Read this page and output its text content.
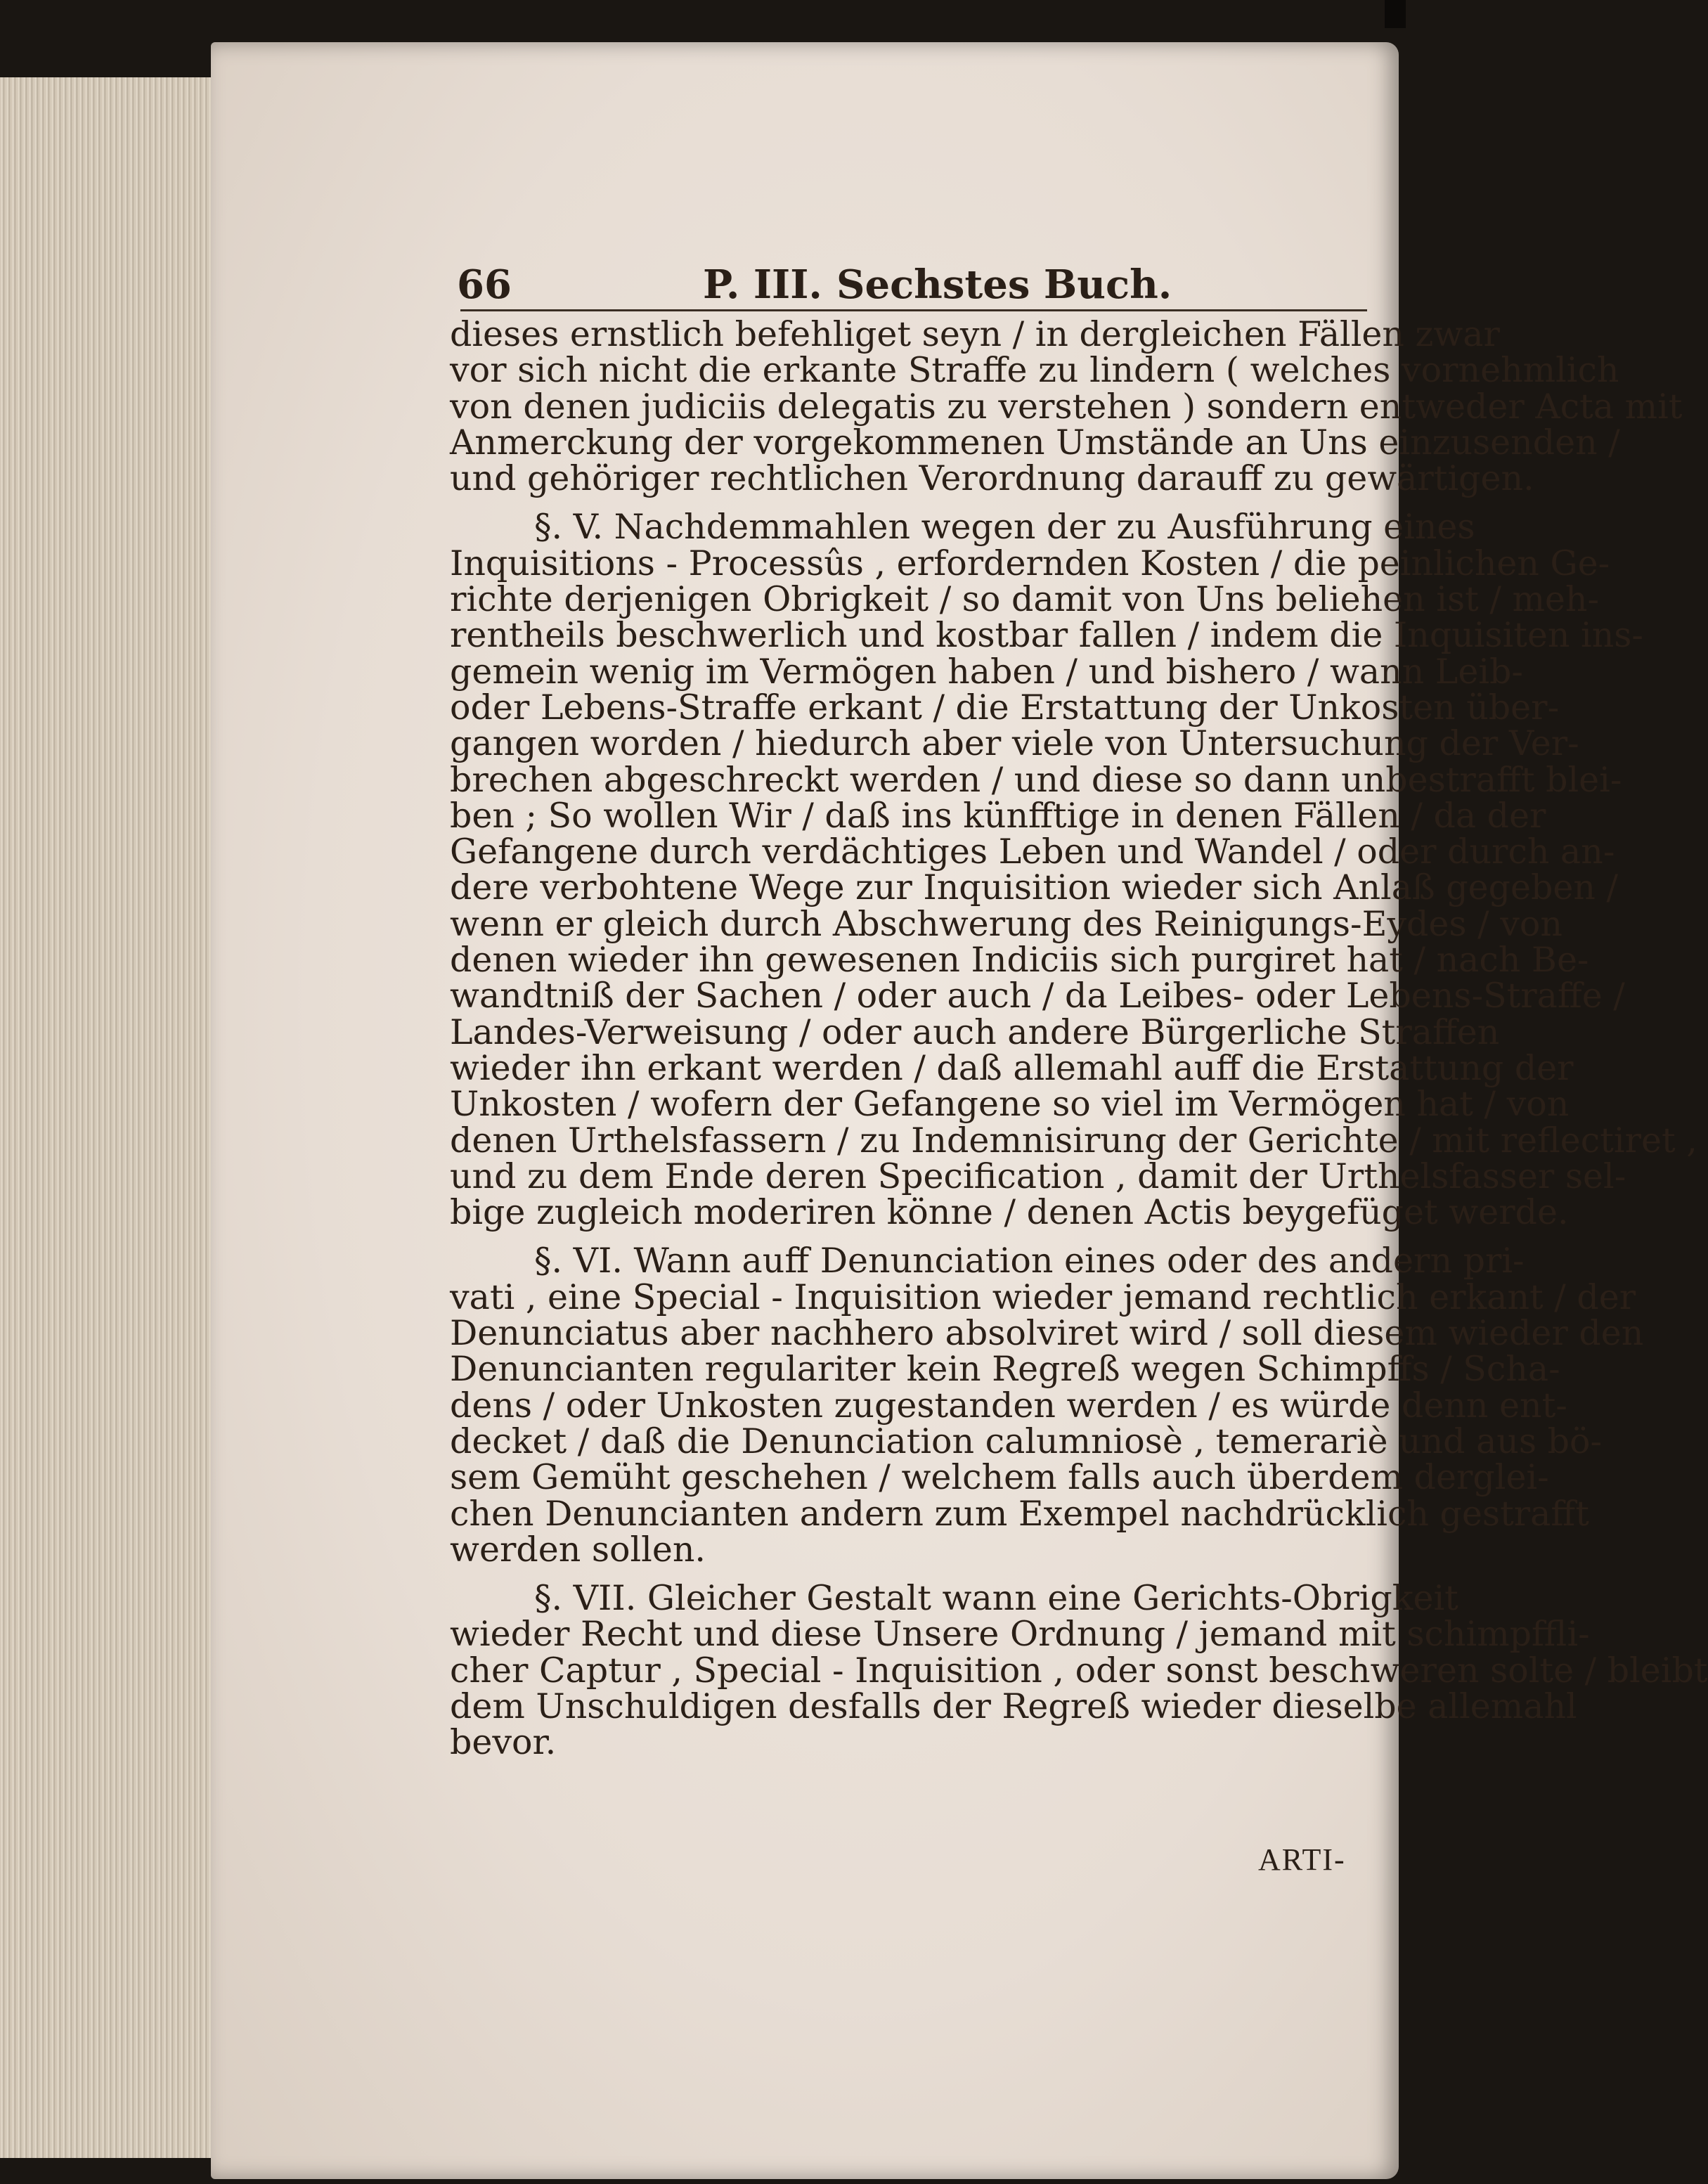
66	P. III. Sechstes Buch.
dieses ernstlich befehliget seyn / in dergleichen Fällen zwar
vor sich nicht die erkante Straffe zu lindern ( welches vornehmlich
von denen judiciis delegatis zu verstehen ) sondern entweder Acta mit
Anmerckung der vorgekommenen Umstände an Uns einzusenden /
und gehöriger rechtlichen Verordnung darauff zu gewärtigen.
§. V. Nachdemmahlen wegen der zu Ausführung eines
Inquisitions - Processûs , erfordernden Kosten / die peinlichen Ge-
richte derjenigen Obrigkeit / so damit von Uns beliehen ist / meh-
rentheils beschwerlich und kostbar fallen / indem die Inquisiten ins-
gemein wenig im Vermögen haben / und bishero / wann Leib-
oder Lebens-Straffe erkant / die Erstattung der Unkosten über-
gangen worden / hiedurch aber viele von Untersuchung der Ver-
brechen abgeschreckt werden / und diese so dann unbestrafft blei-
ben ; So wollen Wir / daß ins künfftige in denen Fällen / da der
Gefangene durch verdächtiges Leben und Wandel / oder durch an-
dere verbohtene Wege zur Inquisition wieder sich Anlaß gegeben /
wenn er gleich durch Abschwerung des Reinigungs-Eydes / von
denen wieder ihn gewesenen Indiciis sich purgiret hat / nach Be-
wandtniß der Sachen / oder auch / da Leibes- oder Lebens-Straffe /
Landes-Verweisung / oder auch andere Bürgerliche Straffen
wieder ihn erkant werden / daß allemahl auff die Erstattung der
Unkosten / wofern der Gefangene so viel im Vermögen hat / von
denen Urthelsfassern / zu Indemnisirung der Gerichte / mit reflectiret ,
und zu dem Ende deren Specification , damit der Urthelsfasser sel-
bige zugleich moderiren könne / denen Actis beygefüget werde.
§. VI. Wann auff Denunciation eines oder des andern pri-
vati , eine Special - Inquisition wieder jemand rechtlich erkant / der
Denunciatus aber nachhero absolviret wird / soll diesem wieder den
Denuncianten regulariter kein Regreß wegen Schimpffs / Scha-
dens / oder Unkosten zugestanden werden / es würde denn ent-
decket / daß die Denunciation calumniosè , temerariè und aus bö-
sem Gemüht geschehen / welchem falls auch überdem derglei-
chen Denuncianten andern zum Exempel nachdrücklich gestrafft
werden sollen.
§. VII. Gleicher Gestalt wann eine Gerichts-Obrigkeit
wieder Recht und diese Unsere Ordnung / jemand mit schimpffli-
cher Captur , Special - Inquisition , oder sonst beschweren solte / bleibt
dem Unschuldigen desfalls der Regreß wieder dieselbe allemahl
bevor.
ARTI-
